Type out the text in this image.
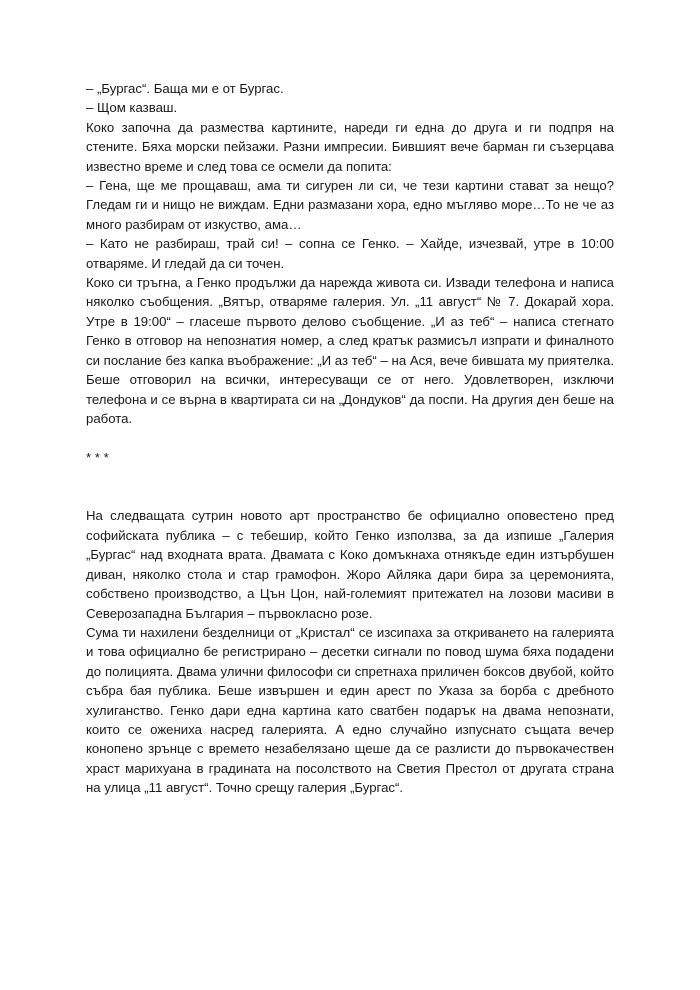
– „Бургас“. Баща ми е от Бургас.

– Щом казваш.

Коко започна да размества картините, нареди ги една до друга и ги подпря на стените. Бяха морски пейзажи. Разни импресии. Бившият вече барман ги съзерцава известно време и след това се осмели да попита:

– Гена, ще ме прощаваш, ама ти сигурен ли си, че тези картини стават за нещо? Гледам ги и нищо не виждам. Едни размазани хора, едно мъгляво море…То не че аз много разбирам от изкуство, ама…

– Като не разбираш, трай си! – сопна се Генко. – Хайде, изчезвай, утре в 10:00 отваряме. И гледай да си точен.

Коко си тръгна, а Генко продължи да нарежда живота си. Извади телефона и написа няколко съобщения. „Вятър, отваряме галерия. Ул. „11 август“ № 7. Докарай хора. Утре в 19:00“ – гласеше първото делово съобщение. „И аз теб“ – написа стегнато Генко в отговор на непознатия номер, а след кратък размисъл изпрати и финалното си послание без капка въображение: „И аз теб“ – на Ася, вече бившата му приятелка. Беше отговорил на всички, интересуващи се от него. Удовлетворен, изключи телефона и се върна в квартирата си на „Дондуков“ да поспи. На другия ден беше на работа.

* * *

На следващата сутрин новото арт пространство бе официално оповестено пред софийската публика – с тебешир, който Генко използва, за да изпише „Галерия „Бургас“ над входната врата. Двамата с Коко домъкнаха отнякъде един изтърбушен диван, няколко стола и стар грамофон. Жоро Айляка дари бира за церемонията, собствено производство, а Цън Цон, най-големият притежател на лозови масиви в Северозападна България – първокласно розе.

Сума ти нахилени безделници от „Кристал“ се изсипаха за откриването на галерията и това официално бе регистрирано – десетки сигнали по повод шума бяха подадени до полицията. Двама улични философи си спретнаха приличен боксов двубой, който събра бая публика. Беше извършен и един арест по Указа за борба с дребното хулиганство. Генко дари една картина като сватбен подарък на двама непознати, които се ожениха насред галерията. А едно случайно изпуснато същата вечер конопено зрънце с времето незабелязано щеше да се разлисти до първокачествен храст марихуана в градината на посолството на Светия Престол от другата страна на улица „11 август“. Точно срещу галерия „Бургас“.
